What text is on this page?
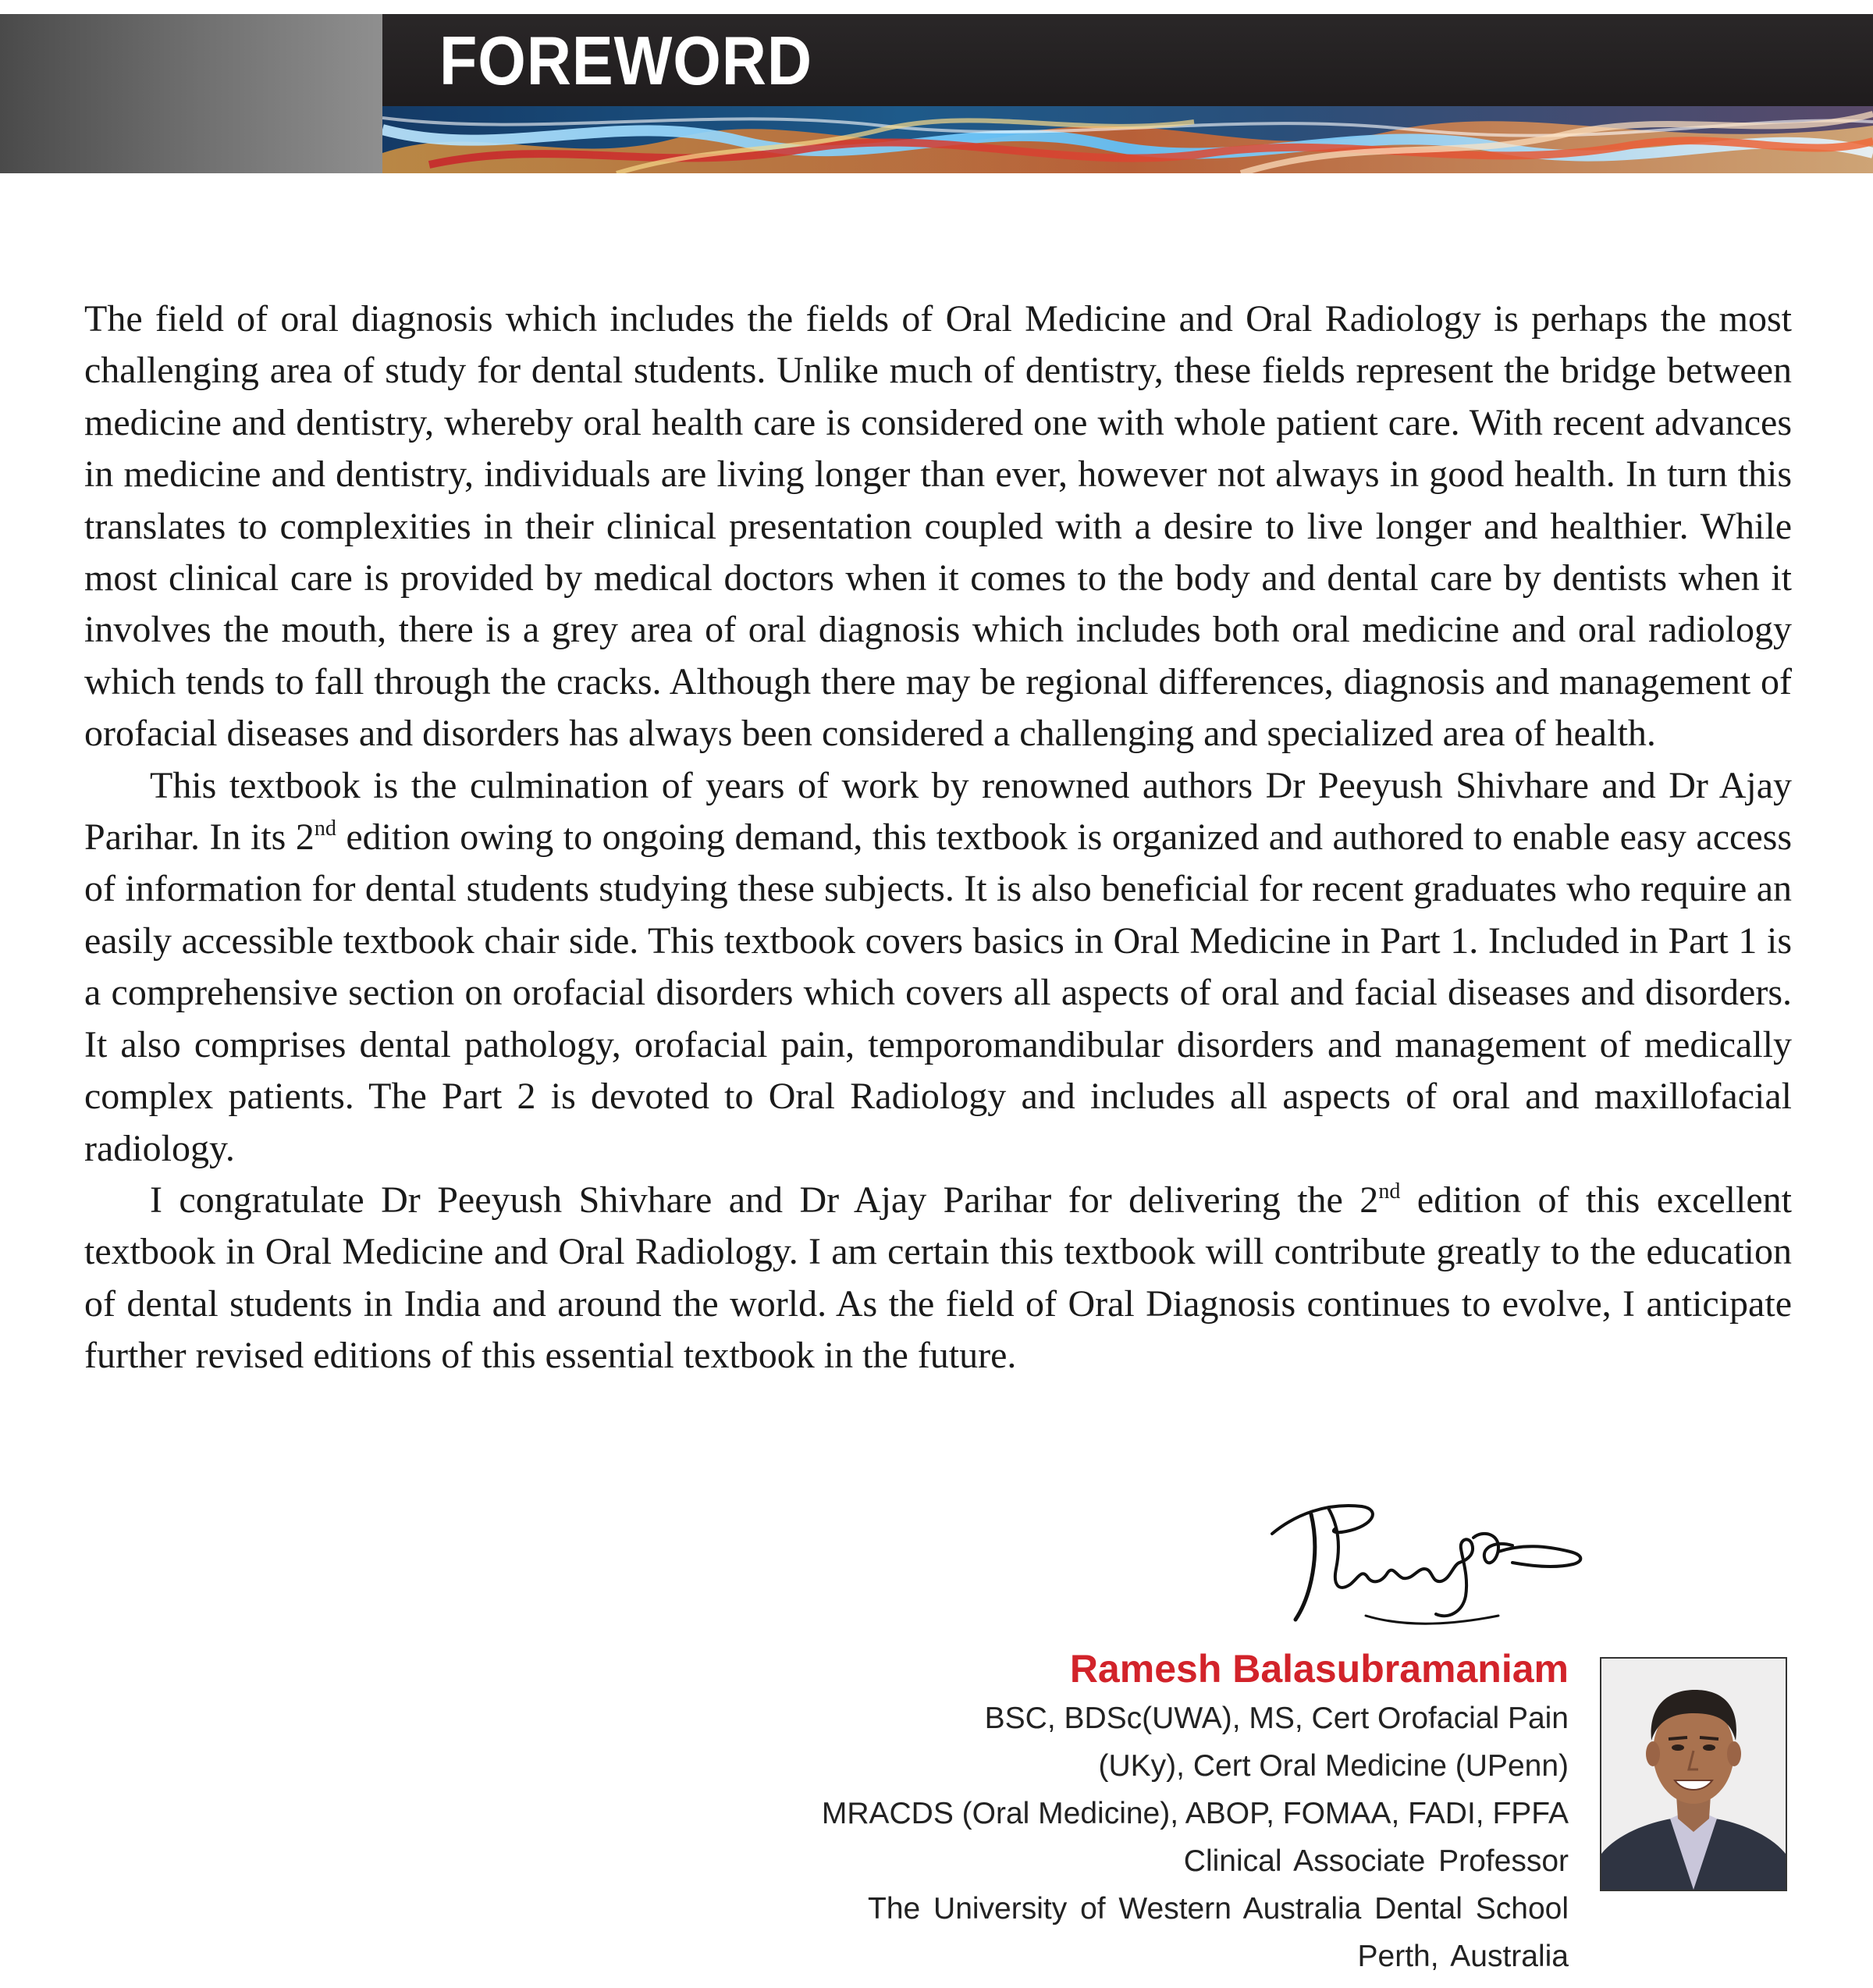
FOREWORD

The field of oral diagnosis which includes the fields of Oral Medicine and Oral Radiology is perhaps the most challenging area of study for dental students. Unlike much of dentistry, these fields represent the bridge between medicine and dentistry, whereby oral health care is considered one with whole patient care. With recent advances in medicine and dentistry, individuals are living longer than ever, however not always in good health. In turn this translates to complexities in their clinical presentation coupled with a desire to live longer and healthier. While most clinical care is provided by medical doctors when it comes to the body and dental care by dentists when it involves the mouth, there is a grey area of oral diagnosis which includes both oral medicine and oral radiology which tends to fall through the cracks. Although there may be regional differences, diagnosis and management of orofacial diseases and disorders has always been considered a challenging and specialized area of health.

This textbook is the culmination of years of work by renowned authors Dr Peeyush Shivhare and Dr Ajay Parihar. In its 2nd edition owing to ongoing demand, this textbook is organized and authored to enable easy access of information for dental students studying these subjects. It is also beneficial for recent graduates who require an easily accessible textbook chair side. This textbook covers basics in Oral Medicine in Part 1. Included in Part 1 is a comprehensive section on orofacial disorders which covers all aspects of oral and facial diseases and disorders. It also comprises dental pathology, orofacial pain, temporomandibular disorders and management of medically complex patients. The Part 2 is devoted to Oral Radiology and includes all aspects of oral and maxillofacial radiology.

I congratulate Dr Peeyush Shivhare and Dr Ajay Parihar for delivering the 2nd edition of this excellent textbook in Oral Medicine and Oral Radiology. I am certain this textbook will contribute greatly to the education of dental students in India and around the world. As the field of Oral Diagnosis continues to evolve, I anticipate further revised editions of this essential textbook in the future.

Ramesh Balasubramaniam

BSC, BDSc(UWA), MS, Cert Orofacial Pain

(UKy), Cert Oral Medicine (UPenn)

MRACDS (Oral Medicine), ABOP, FOMAA, FADI, FPFA

Clinical Associate Professor

The University of Western Australia Dental School

Perth, Australia
